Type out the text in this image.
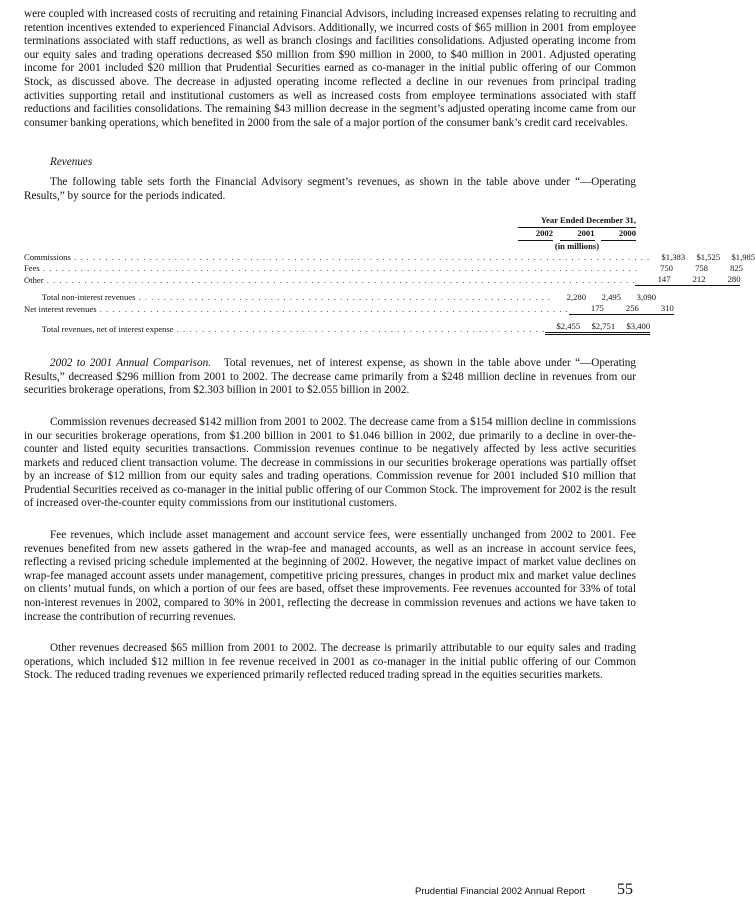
were coupled with increased costs of recruiting and retaining Financial Advisors, including increased expenses relating to recruiting and retention incentives extended to experienced Financial Advisors. Additionally, we incurred costs of $65 million in 2001 from employee terminations associated with staff reductions, as well as branch closings and facilities consolidations. Adjusted operating income from our equity sales and trading operations decreased $50 million from $90 million in 2000, to $40 million in 2001. Adjusted operating income for 2001 included $20 million that Prudential Securities earned as co-manager in the initial public offering of our Common Stock, as discussed above. The decrease in adjusted operating income reflected a decline in our revenues from principal trading activities supporting retail and institutional customers as well as increased costs from employee terminations associated with staff reductions and facilities consolidations. The remaining $43 million decrease in the segment’s adjusted operating income came from our consumer banking operations, which benefited in 2000 from the sale of a major portion of the consumer bank’s credit card receivables.

Revenues

The following table sets forth the Financial Advisory segment’s revenues, as shown in the table above under “—Operating Results,” by source for the periods indicated.

Year Ended December 31,
2002	2001	2000
(in millions)
Commissions . . . . . . . . . . . . . . . . . . . . . . . . . . . . . . . . . . . . . . . . . . . . . . . . . . . . . . . . . . . . . . . . . . . . . . . . . . . . . . . . . . . . . . . . . . . .	$1,383	$1,525	$1,985
Fees . . . . . . . . . . . . . . . . . . . . . . . . . . . . . . . . . . . . . . . . . . . . . . . . . . . . . . . . . . . . . . . . . . . . . . . . . . . . . . . . . . . . . . . . . . . . . . .	750	758	825
Other . . . . . . . . . . . . . . . . . . . . . . . . . . . . . . . . . . . . . . . . . . . . . . . . . . . . . . . . . . . . . . . . . . . . . . . . . . . . . . . . . . . . . . . . . . . . . .	147	212	280
Total non-interest revenues . . . . . . . . . . . . . . . . . . . . . . . . . . . . . . . . . . . . . . . . . . . . . . . . . . . . . . . . . . . . . . . . . .	2,280	2,495	3,090
Net interest revenues . . . . . . . . . . . . . . . . . . . . . . . . . . . . . . . . . . . . . . . . . . . . . . . . . . . . . . . . . . . . . . . . . . . . . . . . . . .	175	256	310
Total revenues, net of interest expense . . . . . . . . . . . . . . . . . . . . . . . . . . . . . . . . . . . . . . . . . . . . . . . . . . . . . . . . . . .	$2,455	$2,751	$3,400

2002 to 2001 Annual Comparison. Total revenues, net of interest expense, as shown in the table above under “—Operating Results,” decreased $296 million from 2001 to 2002. The decrease came primarily from a $248 million decline in revenues from our securities brokerage operations, from $2.303 billion in 2001 to $2.055 billion in 2002.

Commission revenues decreased $142 million from 2001 to 2002. The decrease came from a $154 million decline in commissions in our securities brokerage operations, from $1.200 billion in 2001 to $1.046 billion in 2002, due primarily to a decline in over-the-counter and listed equity securities transactions. Commission revenues continue to be negatively affected by less active securities markets and reduced client transaction volume. The decrease in commissions in our securities brokerage operations was partially offset by an increase of $12 million from our equity sales and trading operations. Commission revenue for 2001 included $10 million that Prudential Securities received as co-manager in the initial public offering of our Common Stock. The improvement for 2002 is the result of increased over-the-counter equity commissions from our institutional customers.

Fee revenues, which include asset management and account service fees, were essentially unchanged from 2002 to 2001. Fee revenues benefited from new assets gathered in the wrap-fee and managed accounts, as well as an increase in account service fees, reflecting a revised pricing schedule implemented at the beginning of 2002. However, the negative impact of market value declines on wrap-fee managed account assets under management, competitive pricing pressures, changes in product mix and market value declines on clients’ mutual funds, on which a portion of our fees are based, offset these improvements. Fee revenues accounted for 33% of total non-interest revenues in 2002, compared to 30% in 2001, reflecting the decrease in commission revenues and actions we have taken to increase the contribution of recurring revenues.

Other revenues decreased $65 million from 2001 to 2002. The decrease is primarily attributable to our equity sales and trading operations, which included $12 million in fee revenue received in 2001 as co-manager in the initial public offering of our Common Stock. The reduced trading revenues we experienced primarily reflected reduced trading spread in the equities securities markets.

Prudential Financial 2002 Annual Report 55
